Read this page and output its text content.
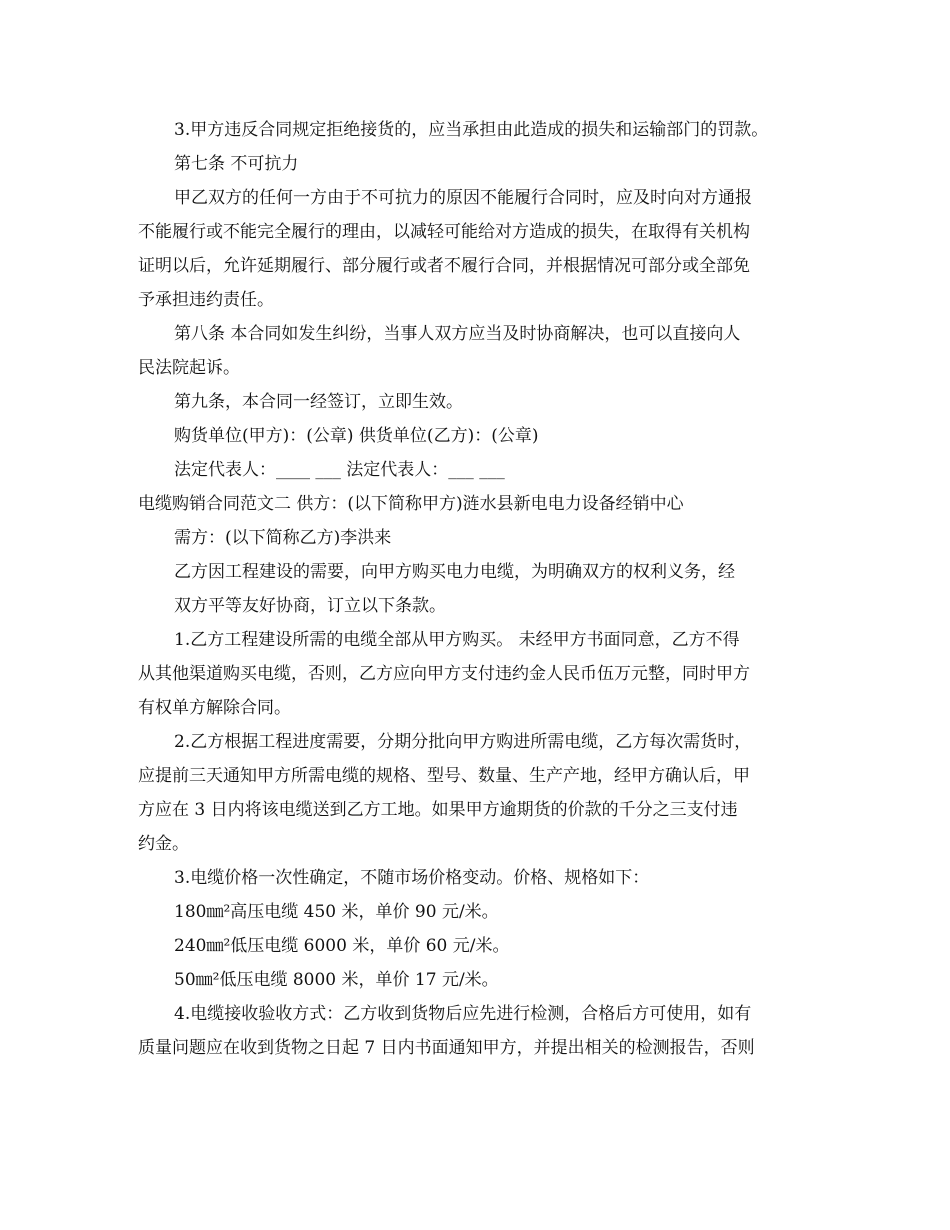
3.甲方违反合同规定拒绝接货的，应当承担由此造成的损失和运输部门的罚款。
第七条 不可抗力
甲乙双方的任何一方由于不可抗力的原因不能履行合同时，应及时向对方通报
不能履行或不能完全履行的理由，以减轻可能给对方造成的损失，在取得有关机构
证明以后，允许延期履行、部分履行或者不履行合同，并根据情况可部分或全部免
予承担违约责任。
第八条 本合同如发生纠纷，当事人双方应当及时协商解决，也可以直接向人
民法院起诉。
第九条，本合同一经签订，立即生效。
购货单位(甲方)：(公章) 供货单位(乙方)：(公章)
法定代表人：____ ___ 法定代表人：___ ___
电缆购销合同范文二 供方：(以下简称甲方)涟水县新电电力设备经销中心
需方：(以下简称乙方)李洪来
乙方因工程建设的需要，向甲方购买电力电缆，为明确双方的权利义务，经
双方平等友好协商，订立以下条款。
1.乙方工程建设所需的电缆全部从甲方购买。 未经甲方书面同意，乙方不得
从其他渠道购买电缆，否则，乙方应向甲方支付违约金人民币伍万元整，同时甲方
有权单方解除合同。
2.乙方根据工程进度需要，分期分批向甲方购进所需电缆，乙方每次需货时，
应提前三天通知甲方所需电缆的规格、型号、数量、生产产地，经甲方确认后，甲
方应在 3 日内将该电缆送到乙方工地。如果甲方逾期货的价款的千分之三支付违
约金。
3.电缆价格一次性确定，不随市场价格变动。价格、规格如下：
180㎜²高压电缆 450 米，单价 90 元/米。
240㎜²低压电缆 6000 米，单价 60 元/米。
50㎜²低压电缆 8000 米，单价 17 元/米。
4.电缆接收验收方式：乙方收到货物后应先进行检测，合格后方可使用，如有
质量问题应在收到货物之日起 7 日内书面通知甲方，并提出相关的检测报告，否则
